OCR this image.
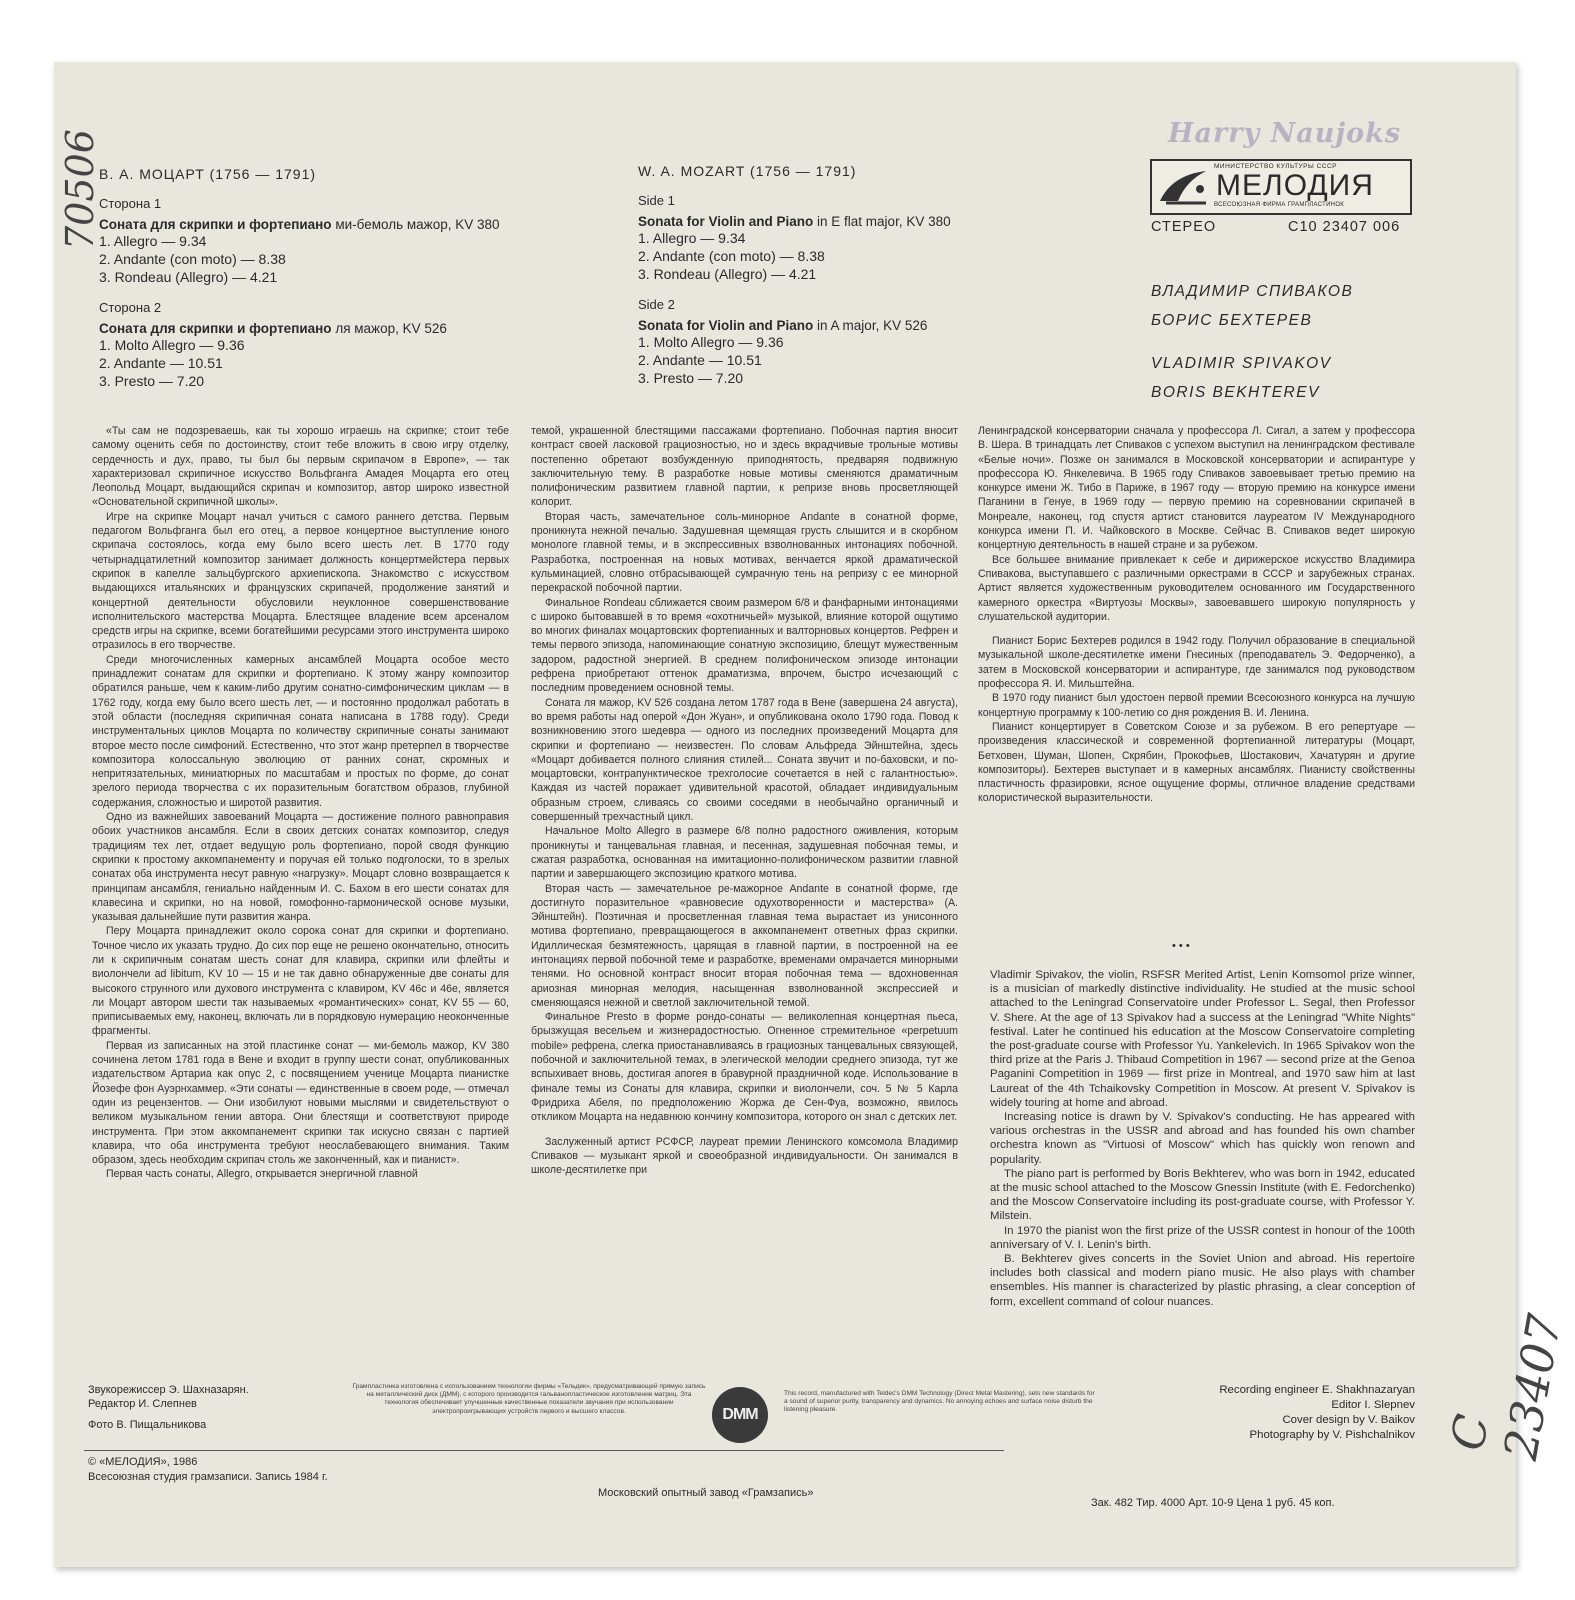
70506
C 23407
Harry Naujoks
МИНИСТЕРСТВО КУЛЬТУРЫ СССР
МЕЛОДИЯ
ВСЕСОЮЗНАЯ ФИРМА ГРАМПЛАСТИНОК
СТЕРЕО	С10 23407 006
ВЛАДИМИР СПИВАКОВ
БОРИС БЕХТЕРЕВ
VLADIMIR SPIVAKOV
BORIS BEKHTEREV
В. А. МОЦАРТ (1756 — 1791)
Сторона 1
Соната для скрипки и фортепиано ми-бемоль мажор, KV 380
1. Allegro — 9.34
2. Andante (con moto) — 8.38
3. Rondeau (Allegro) — 4.21
Сторона 2
Соната для скрипки и фортепиано ля мажор, KV 526
1. Molto Allegro — 9.36
2. Andante — 10.51
3. Presto — 7.20
W. A. MOZART (1756 — 1791)
Side 1
Sonata for Violin and Piano in E flat major, KV 380
1. Allegro — 9.34
2. Andante (con moto) — 8.38
3. Rondeau (Allegro) — 4.21
Side 2
Sonata for Violin and Piano in A major, KV 526
1. Molto Allegro — 9.36
2. Andante — 10.51
3. Presto — 7.20

«Ты сам не подозреваешь, как ты хорошо играешь на скрипке; стоит тебе самому оценить себя по достоинству, стоит тебе вложить в свою игру отделку, сердечность и дух, право, ты был бы первым скрипачом в Европе», — так характеризовал скрипичное искусство Вольфганга Амадея Моцарта его отец Леопольд Моцарт, выдающийся скрипач и композитор, автор широко известной «Основательной скрипичной школы».

Игре на скрипке Моцарт начал учиться с самого раннего детства. Первым педагогом Вольфганга был его отец, а первое концертное выступление юного скрипача состоялось, когда ему было всего шесть лет. В 1770 году четырнадцатилетний композитор занимает должность концертмейстера первых скрипок в капелле зальцбургского архиепископа. Знакомство с искусством выдающихся итальянских и французских скрипачей, продолжение занятий и концертной деятельности обусловили неуклонное совершенствование исполнительского мастерства Моцарта. Блестящее владение всем арсеналом средств игры на скрипке, всеми богатейшими ресурсами этого инструмента широко отразилось в его творчестве.

Среди многочисленных камерных ансамблей Моцарта особое место принадлежит сонатам для скрипки и фортепиано. К этому жанру композитор обратился раньше, чем к каким-либо другим сонатно-симфоническим циклам — в 1762 году, когда ему было всего шесть лет, — и постоянно продолжал работать в этой области (последняя скрипичная соната написана в 1788 году). Среди инструментальных циклов Моцарта по количеству скрипичные сонаты занимают второе место после симфоний. Естественно, что этот жанр претерпел в творчестве композитора колоссальную эволюцию от ранних сонат, скромных и непритязательных, миниатюрных по масштабам и простых по форме, до сонат зрелого периода творчества с их поразительным богатством образов, глубиной содержания, сложностью и широтой развития.

Одно из важнейших завоеваний Моцарта — достижение полного равноправия обоих участников ансамбля. Если в своих детских сонатах композитор, следуя традициям тех лет, отдает ведущую роль фортепиано, порой сводя функцию скрипки к простому аккомпанементу и поручая ей только подголоски, то в зрелых сонатах оба инструмента несут равную «нагрузку». Моцарт словно возвращается к принципам ансамбля, гениально найденным И. С. Бахом в его шести сонатах для клавесина и скрипки, но на новой, гомофонно-гармонической основе музыки, указывая дальнейшие пути развития жанра.

Перу Моцарта принадлежит около сорока сонат для скрипки и фортепиано. Точное число их указать трудно. До сих пор еще не решено окончательно, относить ли к скрипичным сонатам шесть сонат для клавира, скрипки или флейты и виолончели ad libitum, KV 10 — 15 и не так давно обнаруженные две сонаты для высокого струнного или духового инструмента с клавиром, KV 46c и 46e, является ли Моцарт автором шести так называемых «романтических» сонат, KV 55 — 60, приписываемых ему, наконец, включать ли в порядковую нумерацию неоконченные фрагменты.

Первая из записанных на этой пластинке сонат — ми-бемоль мажор, KV 380 сочинена летом 1781 года в Вене и входит в группу шести сонат, опубликованных издательством Артариа как опус 2, с посвящением ученице Моцарта пианистке Йозефе фон Ауэрнхаммер. «Эти сонаты — единственные в своем роде, — отмечал один из рецензентов. — Они изобилуют новыми мыслями и свидетельствуют о великом музыкальном гении автора. Они блестящи и соответствуют природе инструмента. При этом аккомпанемент скрипки так искусно связан с партией клавира, что оба инструмента требуют неослабевающего внимания. Таким образом, здесь необходим скрипач столь же законченный, как и пианист».

Первая часть сонаты, Allegro, открывается энергичной главной

темой, украшенной блестящими пассажами фортепиано. Побочная партия вносит контраст своей ласковой грациозностью, но и здесь вкрадчивые трольные мотивы постепенно обретают возбужденную приподнятость, предваряя подвижную заключительную тему. В разработке новые мотивы сменяются драматичным полифоническим развитием главной партии, к репризе вновь просветляющей колорит.

Вторая часть, замечательное соль-минорное Andante в сонатной форме, проникнута нежной печалью. Задушевная щемящая грусть слышится и в скорбном монологе главной темы, и в экспрессивных взволнованных интонациях побочной. Разработка, построенная на новых мотивах, венчается яркой драматической кульминацией, словно отбрасывающей сумрачную тень на репризу с ее минорной перекраской побочной партии.

Финальное Rondeau сближается своим размером 6/8 и фанфарными интонациями с широко бытовавшей в то время «охотничьей» музыкой, влияние которой ощутимо во многих финалах моцартовских фортепианных и валторновых концертов. Рефрен и темы первого эпизода, напоминающие сонатную экспозицию, блещут мужественным задором, радостной энергией. В среднем полифоническом эпизоде интонации рефрена приобретают оттенок драматизма, впрочем, быстро исчезающий с последним проведением основной темы.

Соната ля мажор, KV 526 создана летом 1787 года в Вене (завершена 24 августа), во время работы над оперой «Дон Жуан», и опубликована около 1790 года. Повод к возникновению этого шедевра — одного из последних произведений Моцарта для скрипки и фортепиано — неизвестен. По словам Альфреда Эйнштейна, здесь «Моцарт добивается полного слияния стилей... Соната звучит и по-баховски, и по-моцартовски, контрапунктическое трехголосие сочетается в ней с галантностью». Каждая из частей поражает удивительной красотой, обладает индивидуальным образным строем, сливаясь со своими соседями в необычайно органичный и совершенный трехчастный цикл.

Начальное Molto Allegro в размере 6/8 полно радостного оживления, которым проникнуты и танцевальная главная, и песенная, задушевная побочная темы, и сжатая разработка, основанная на имитационно-полифоническом развитии главной партии и завершающего экспозицию краткого мотива.

Вторая часть — замечательное ре-мажорное Andante в сонатной форме, где достигнуто поразительное «равновесие одухотворенности и мастерства» (А. Эйнштейн). Поэтичная и просветленная главная тема вырастает из унисонного мотива фортепиано, превращающегося в аккомпанемент ответных фраз скрипки. Идиллическая безмятежность, царящая в главной партии, в построенной на ее интонациях первой побочной теме и разработке, временами омрачается минорными тенями. Но основной контраст вносит вторая побочная тема — вдохновенная ариозная минорная мелодия, насыщенная взволнованной экспрессией и сменяющаяся нежной и светлой заключительной темой.

Финальное Presto в форме рондо-сонаты — великолепная концертная пьеса, брызжущая весельем и жизнерадостностью. Огненное стремительное «perpetuum mobile» рефрена, слегка приостанавливаясь в грациозных танцевальных связующей, побочной и заключительной темах, в элегической мелодии среднего эпизода, тут же вспыхивает вновь, достигая апогея в бравурной праздничной коде. Использование в финале темы из Сонаты для клавира, скрипки и виолончели, соч. 5 № 5 Карла Фридриха Абеля, по предположению Жоржа де Сен-Фуа, возможно, явилось откликом Моцарта на недавнюю кончину композитора, которого он знал с детских лет.

Заслуженный артист РСФСР, лауреат премии Ленинского комсомола Владимир Спиваков — музыкант яркой и своеобразной индивидуальности. Он занимался в школе-десятилетке при

Ленинградской консерватории сначала у профессора Л. Сигал, а затем у профессора В. Шера. В тринадцать лет Спиваков с успехом выступил на ленинградском фестивале «Белые ночи». Позже он занимался в Московской консерватории и аспирантуре у профессора Ю. Янкелевича. В 1965 году Спиваков завоевывает третью премию на конкурсе имени Ж. Тибо в Париже, в 1967 году — вторую премию на конкурсе имени Паганини в Генуе, в 1969 году — первую премию на соревновании скрипачей в Монреале, наконец, год спустя артист становится лауреатом IV Международного конкурса имени П. И. Чайковского в Москве. Сейчас В. Спиваков ведет широкую концертную деятельность в нашей стране и за рубежом.

Все большее внимание привлекает к себе и дирижерское искусство Владимира Спивакова, выступавшего с различными оркестрами в СССР и зарубежных странах. Артист является художественным руководителем основанного им Государственного камерного оркестра «Виртуозы Москвы», завоевавшего широкую популярность у слушательской аудитории.

Пианист Борис Бехтерев родился в 1942 году. Получил образование в специальной музыкальной школе-десятилетке имени Гнесиных (преподаватель Э. Федорченко), а затем в Московской консерватории и аспирантуре, где занимался под руководством профессора Я. И. Мильштейна.

В 1970 году пианист был удостоен первой премии Всесоюзного конкурса на лучшую концертную программу к 100-летию со дня рождения В. И. Ленина.

Пианист концертирует в Советском Союзе и за рубежом. В его репертуаре — произведения классической и современной фортепианной литературы (Моцарт, Бетховен, Шуман, Шопен, Скрябин, Прокофьев, Шостакович, Хачатурян и другие композиторы). Бехтерев выступает и в камерных ансамблях. Пианисту свойственны пластичность фразировки, ясное ощущение формы, отличное владение средствами колористической выразительности.

• • •

Vladimir Spivakov, the violin, RSFSR Merited Artist, Lenin Komsomol prize winner, is a musician of markedly distinctive individuality. He studied at the music school attached to the Leningrad Conservatoire under Professor L. Segal, then Professor V. Shere. At the age of 13 Spivakov had a success at the Leningrad "White Nights" festival. Later he continued his education at the Moscow Conservatoire completing the post-graduate course with Professor Yu. Yankelevich. In 1965 Spivakov won the third prize at the Paris J. Thibaud Competition in 1967 — second prize at the Genoa Paganini Competition in 1969 — first prize in Montreal, and 1970 saw him at last Laureat of the 4th Tchaikovsky Competition in Moscow. At present V. Spivakov is widely touring at home and abroad.

Increasing notice is drawn by V. Spivakov's conducting. He has appeared with various orchestras in the USSR and abroad and has founded his own chamber orchestra known as "Virtuosi of Moscow" which has quickly won renown and popularity.

The piano part is performed by Boris Bekhterev, who was born in 1942, educated at the music school attached to the Moscow Gnessin Institute (with E. Fedorchenko) and the Moscow Conservatoire including its post-graduate course, with Professor Y. Milstein.

In 1970 the pianist won the first prize of the USSR contest in honour of the 100th anniversary of V. I. Lenin's birth.

B. Bekhterev gives concerts in the Soviet Union and abroad. His repertoire includes both classical and modern piano music. He also plays with chamber ensembles. His manner is characterized by plastic phrasing, a clear conception of form, excellent command of colour nuances.

Звукорежиссер Э. Шахназарян.
Редактор И. Слепнев
Фото В. Пищальникова
© «МЕЛОДИЯ», 1986
Всесоюзная студия грамзаписи. Запись 1984 г.
Грампластинка изготовлена с использованием технологии фирмы «Тельдек», предусматривающей прямую запись на металлический диск (ДММ), с которого производится гальванопластическое изготовление матриц. Эта технология обеспечивает улучшенные качественные показатели звучания при использовании электропроигрывающих устройств первого и высшего классов.	DMM
This record, manufactured with Teldec's DMM Technology (Direct Metal Mastering), sets new standards for a sound of superior purity, transparency and dynamics. No annoying echoes and surface noise disturb the listening pleasure.
Recording engineer E. Shakhnazaryan
Editor I. Slepnev
Cover design by V. Baikov
Photography by V. Pishchalnikov
Московский опытный завод «Грамзапись»
Зак. 482 Тир. 4000 Арт. 10-9 Цена 1 руб. 45 коп.
